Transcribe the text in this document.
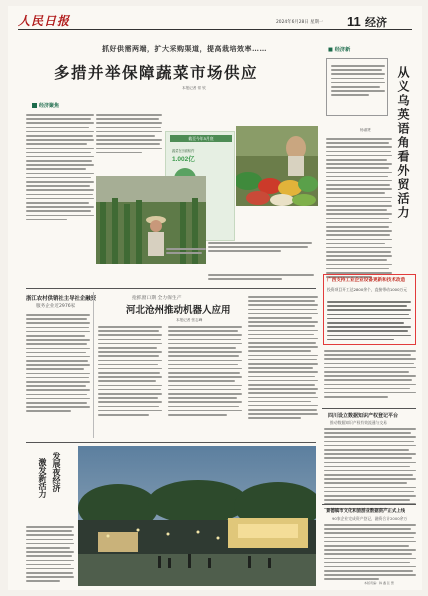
人民日报	2024年6月28日 星期一 11 经济
抓好供需两端，扩大采购渠道，提高栽培效率……
多措并举保障蔬菜市场供应
本报记者 常 钦
经济聚焦
截至今年5月底
蔬菜在田面积约
1.002亿
浙江农村供销社主导社企融资
服务企业近2976家
抢抓窗口期 全力保生产
河北沧州推动机器人应用
本报记者 张志峰
■ 经济新
从义乌英语角看外贸活力
杨淑贤
广西支持工业企业设备更新和技术改造
投资项目开工达2800余个，直接带动1000万元
四川设立数据知识产权登记平台
推动数据知识产权有效流通与交易
景德镇市文化和旅游业数据资产正式上线
90家企业完成资产登记，融资合计2000余万
发展夜经济
激发新活力
本版责编：韩 鑫 张 慧
